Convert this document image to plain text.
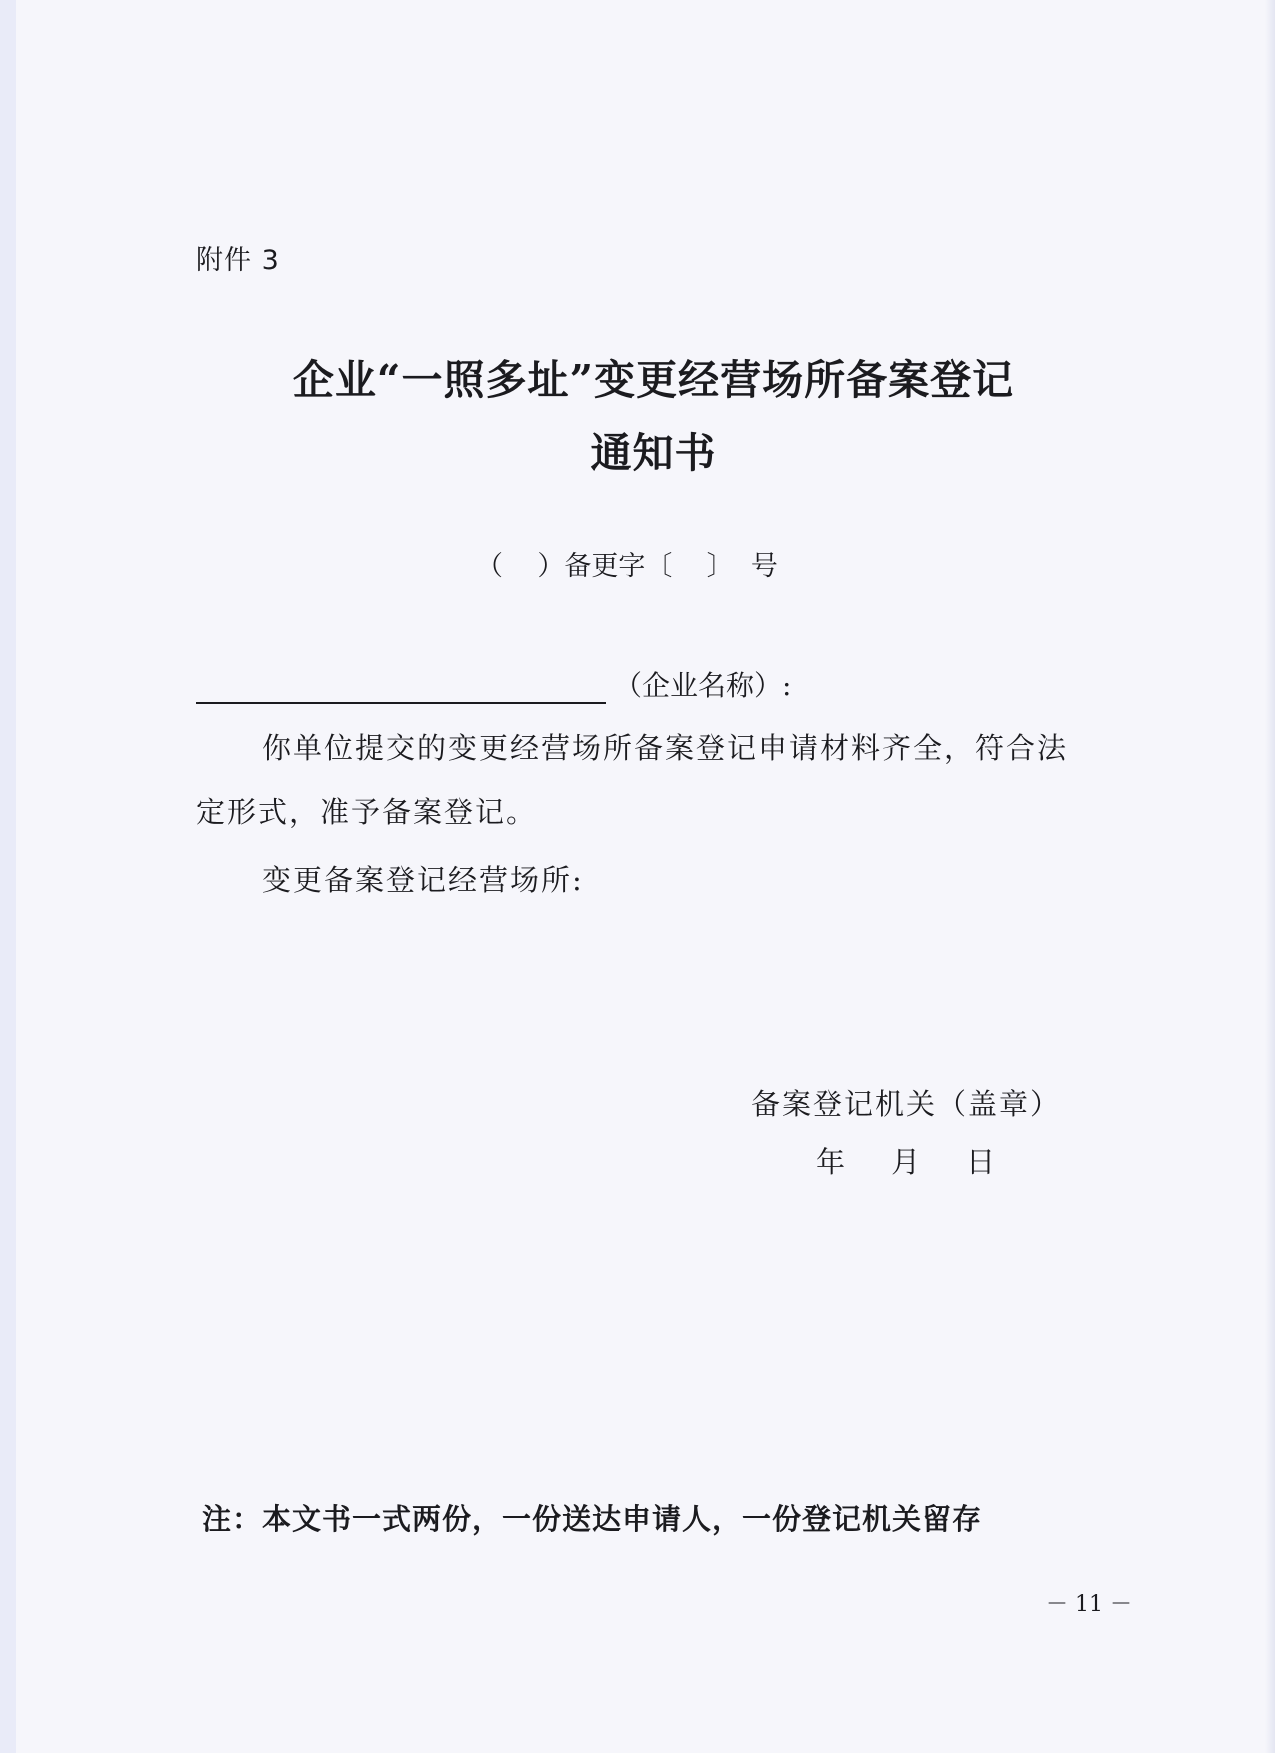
附件 3
企业“一照多址”变更经营场所备案登记
通知书
（    ）备更字〔    〕  号
（企业名称）:
你单位提交的变更经营场所备案登记申请材料齐全，符合法
定形式，准予备案登记。
变更备案登记经营场所:
备案登记机关（盖章）
年     月     日
注：本文书一式两份，一份送达申请人，一份登记机关留存
－ 11 －
